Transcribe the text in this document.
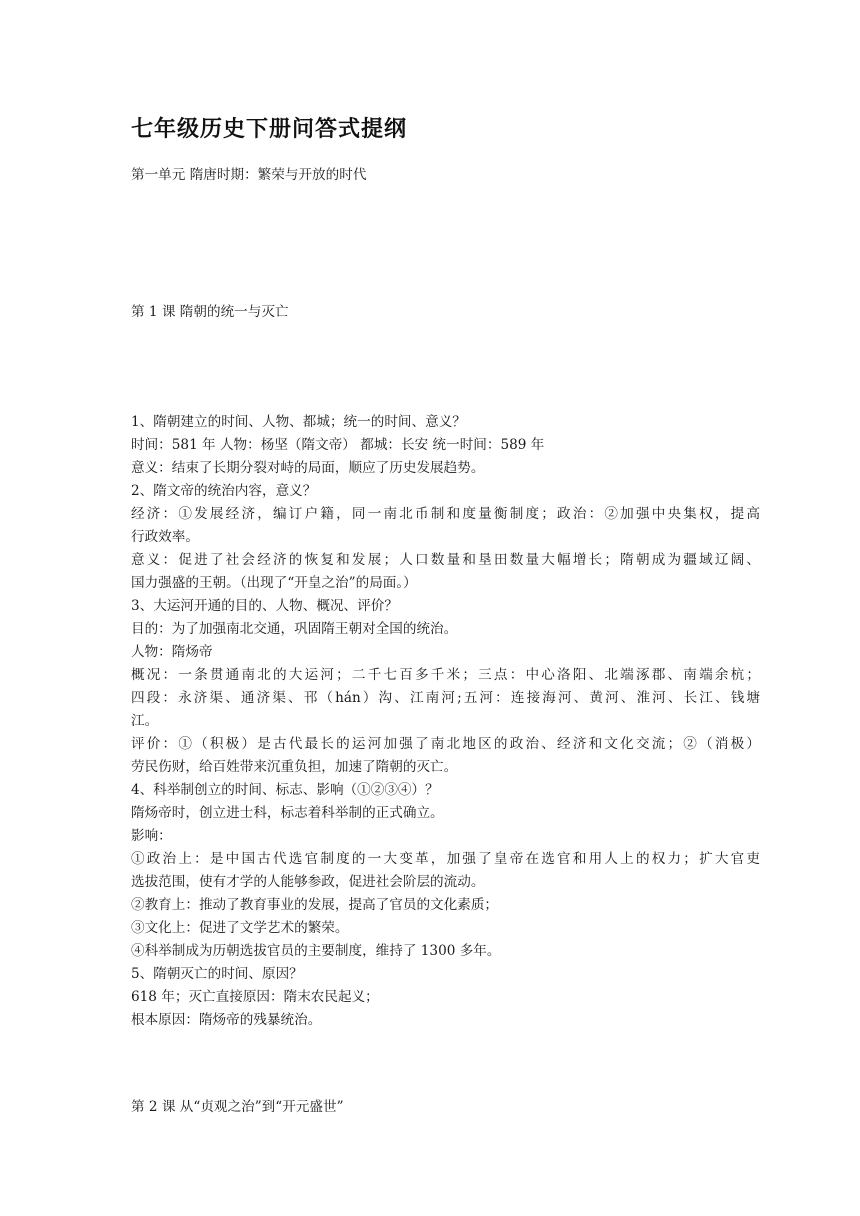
七年级历史下册问答式提纲

第一单元 隋唐时期：繁荣与开放的时代

第 1 课 隋朝的统一与灭亡

1、隋朝建立的时间、人物、都城；统一的时间、意义？

时间：581 年 人物：杨坚（隋文帝） 都城：长安 统一时间：589 年

意义：结束了长期分裂对峙的局面，顺应了历史发展趋势。

2、隋文帝的统治内容，意义？

经济：①发展经济，编订户籍，同一南北币制和度量衡制度；政治：②加强中央集权，提高

行政效率。

意义：促进了社会经济的恢复和发展；人口数量和垦田数量大幅增长；隋朝成为疆域辽阔、

国力强盛的王朝。（出现了“开皇之治”的局面。）

3、大运河开通的目的、人物、概况、评价？

目的：为了加强南北交通，巩固隋王朝对全国的统治。

人物：隋炀帝

概况：一条贯通南北的大运河；二千七百多千米；三点：中心洛阳、北端涿郡、南端余杭；

四段：永济渠、通济渠、邗（hán）沟、江南河;五河：连接海河、黄河、淮河、长江、钱塘

江。

评价：①（积极）是古代最长的运河加强了南北地区的政治、经济和文化交流；②（消极）

劳民伤财，给百姓带来沉重负担，加速了隋朝的灭亡。

4、科举制创立的时间、标志、影响（①②③④）？

隋炀帝时，创立进士科，标志着科举制的正式确立。

影响：

①政治上：是中国古代选官制度的一大变革，加强了皇帝在选官和用人上的权力；扩大官吏

选拔范围，使有才学的人能够参政，促进社会阶层的流动。

②教育上：推动了教育事业的发展，提高了官员的文化素质；

③文化上：促进了文学艺术的繁荣。

④科举制成为历朝选拔官员的主要制度，维持了 1300 多年。

5、隋朝灭亡的时间、原因？

618 年；灭亡直接原因：隋末农民起义；

根本原因：隋炀帝的残暴统治。

第 2 课 从“贞观之治”到“开元盛世”
